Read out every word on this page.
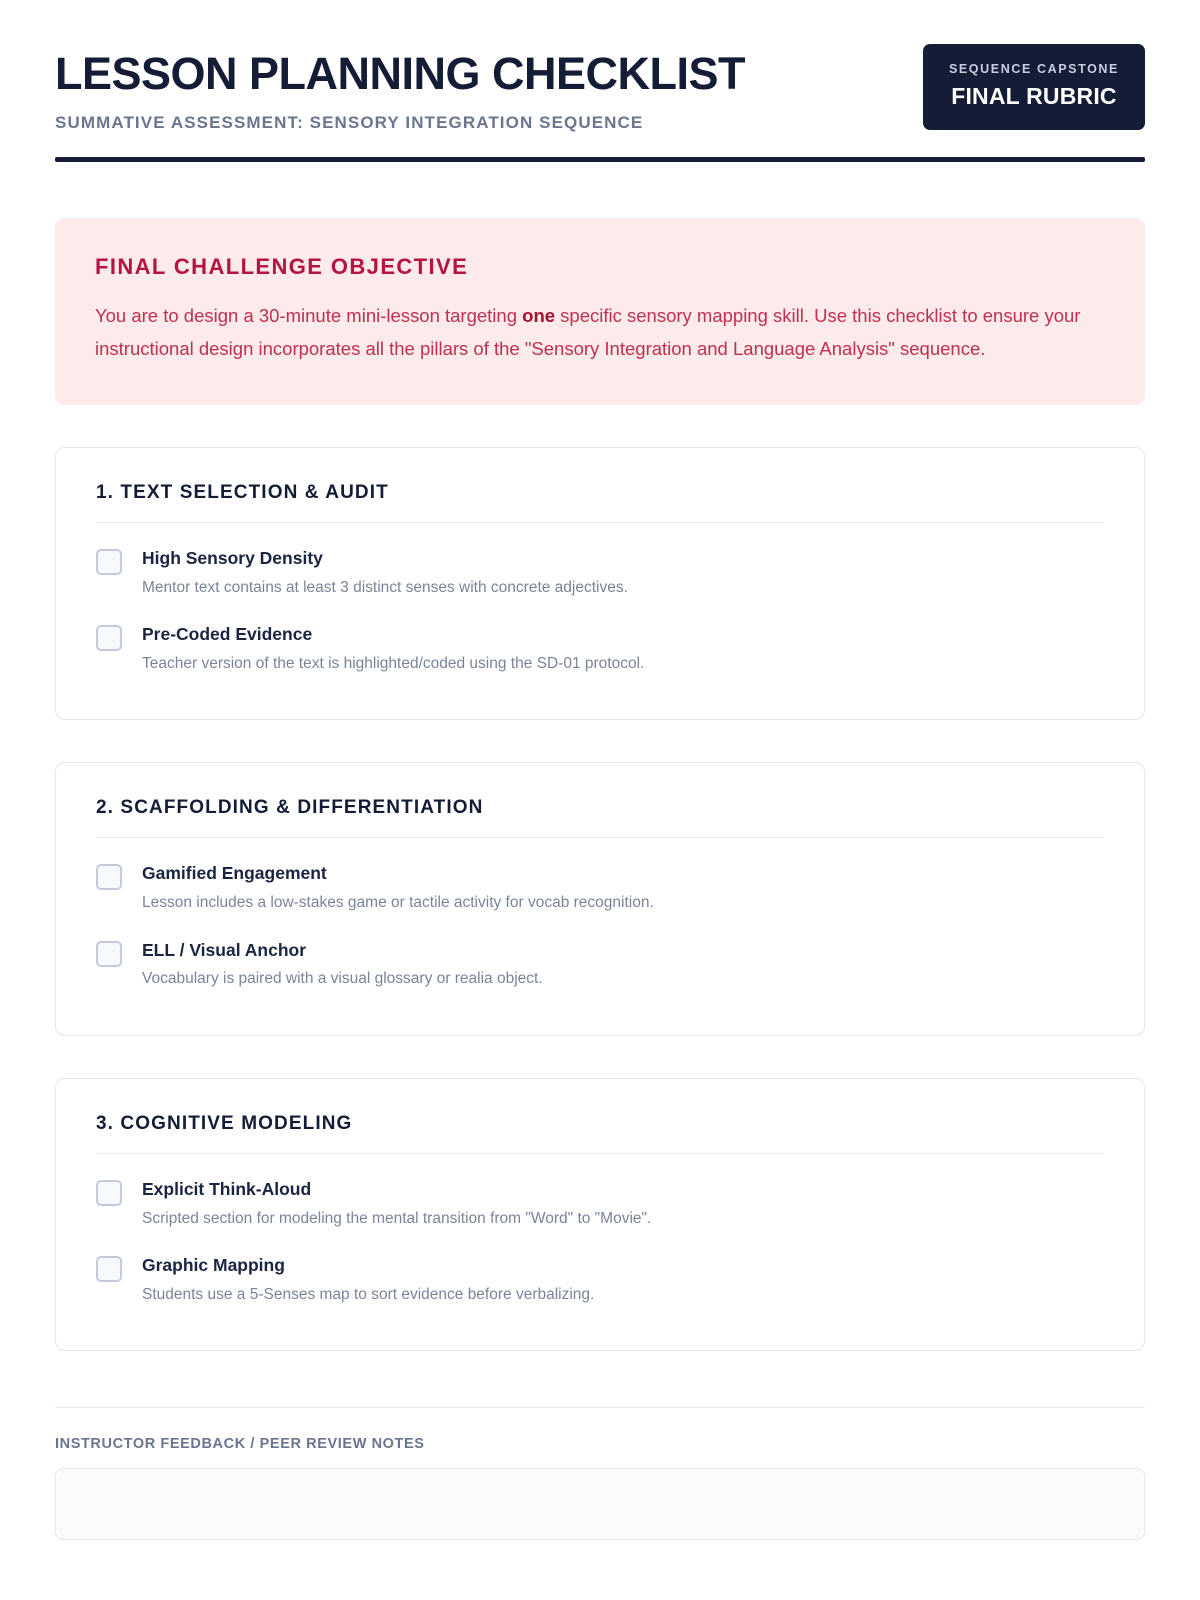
LESSON PLANNING CHECKLIST
SUMMATIVE ASSESSMENT: SENSORY INTEGRATION SEQUENCE
SEQUENCE CAPSTONE
FINAL RUBRIC
FINAL CHALLENGE OBJECTIVE

You are to design a 30-minute mini-lesson targeting one specific sensory mapping skill. Use this checklist to ensure your instructional design incorporates all the pillars of the "Sensory Integration and Language Analysis" sequence.

1. TEXT SELECTION & AUDIT
High Sensory Density
Mentor text contains at least 3 distinct senses with concrete adjectives.
Pre-Coded Evidence
Teacher version of the text is highlighted/coded using the SD-01 protocol.
2. SCAFFOLDING & DIFFERENTIATION
Gamified Engagement
Lesson includes a low-stakes game or tactile activity for vocab recognition.
ELL / Visual Anchor
Vocabulary is paired with a visual glossary or realia object.
3. COGNITIVE MODELING
Explicit Think-Aloud
Scripted section for modeling the mental transition from "Word" to "Movie".
Graphic Mapping
Students use a 5-Senses map to sort evidence before verbalizing.
INSTRUCTOR FEEDBACK / PEER REVIEW NOTES
